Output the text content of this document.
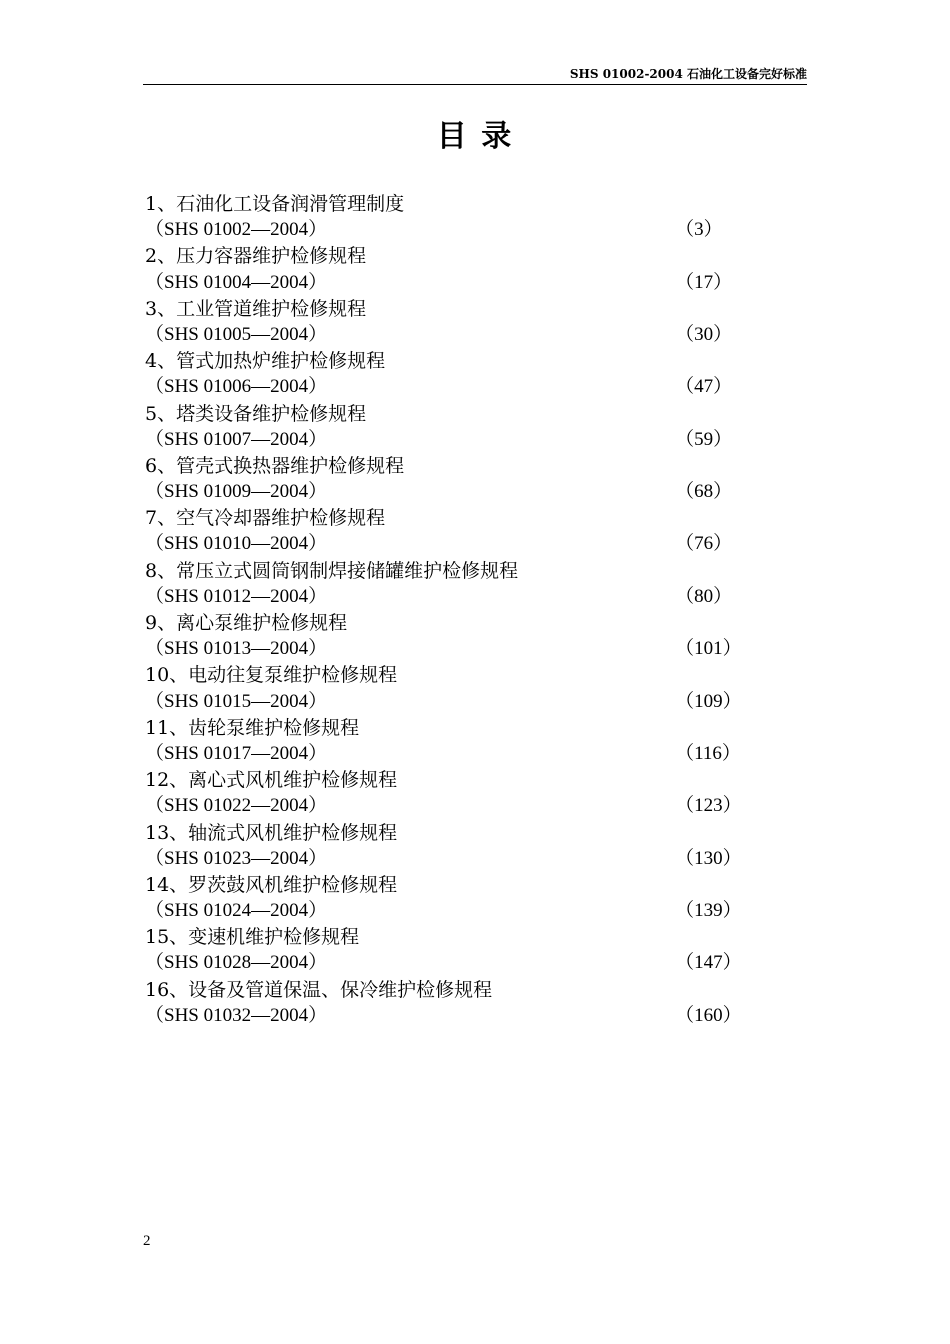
SHS 01002-2004 石油化工设备完好标准
目 录
1、石油化工设备润滑管理制度
（SHS 01002—2004）	（3）
2、压力容器维护检修规程
（SHS 01004—2004）	（17）
3、工业管道维护检修规程
（SHS 01005—2004）	（30）
4、管式加热炉维护检修规程
（SHS 01006—2004）	（47）
5、塔类设备维护检修规程
（SHS 01007—2004）	（59）
6、管壳式换热器维护检修规程
（SHS 01009—2004）	（68）
7、空气冷却器维护检修规程
（SHS 01010—2004）	（76）
8、常压立式圆筒钢制焊接储罐维护检修规程
（SHS 01012—2004）	（80）
9、离心泵维护检修规程
（SHS 01013—2004）	（101）
10、电动往复泵维护检修规程
（SHS 01015—2004）	（109）
11、齿轮泵维护检修规程
（SHS 01017—2004）	（116）
12、离心式风机维护检修规程
（SHS 01022—2004）	（123）
13、轴流式风机维护检修规程
（SHS 01023—2004）	（130）
14、罗茨鼓风机维护检修规程
（SHS 01024—2004）	（139）
15、变速机维护检修规程
（SHS 01028—2004）	（147）
16、设备及管道保温、保冷维护检修规程
（SHS 01032—2004）	（160）
2
